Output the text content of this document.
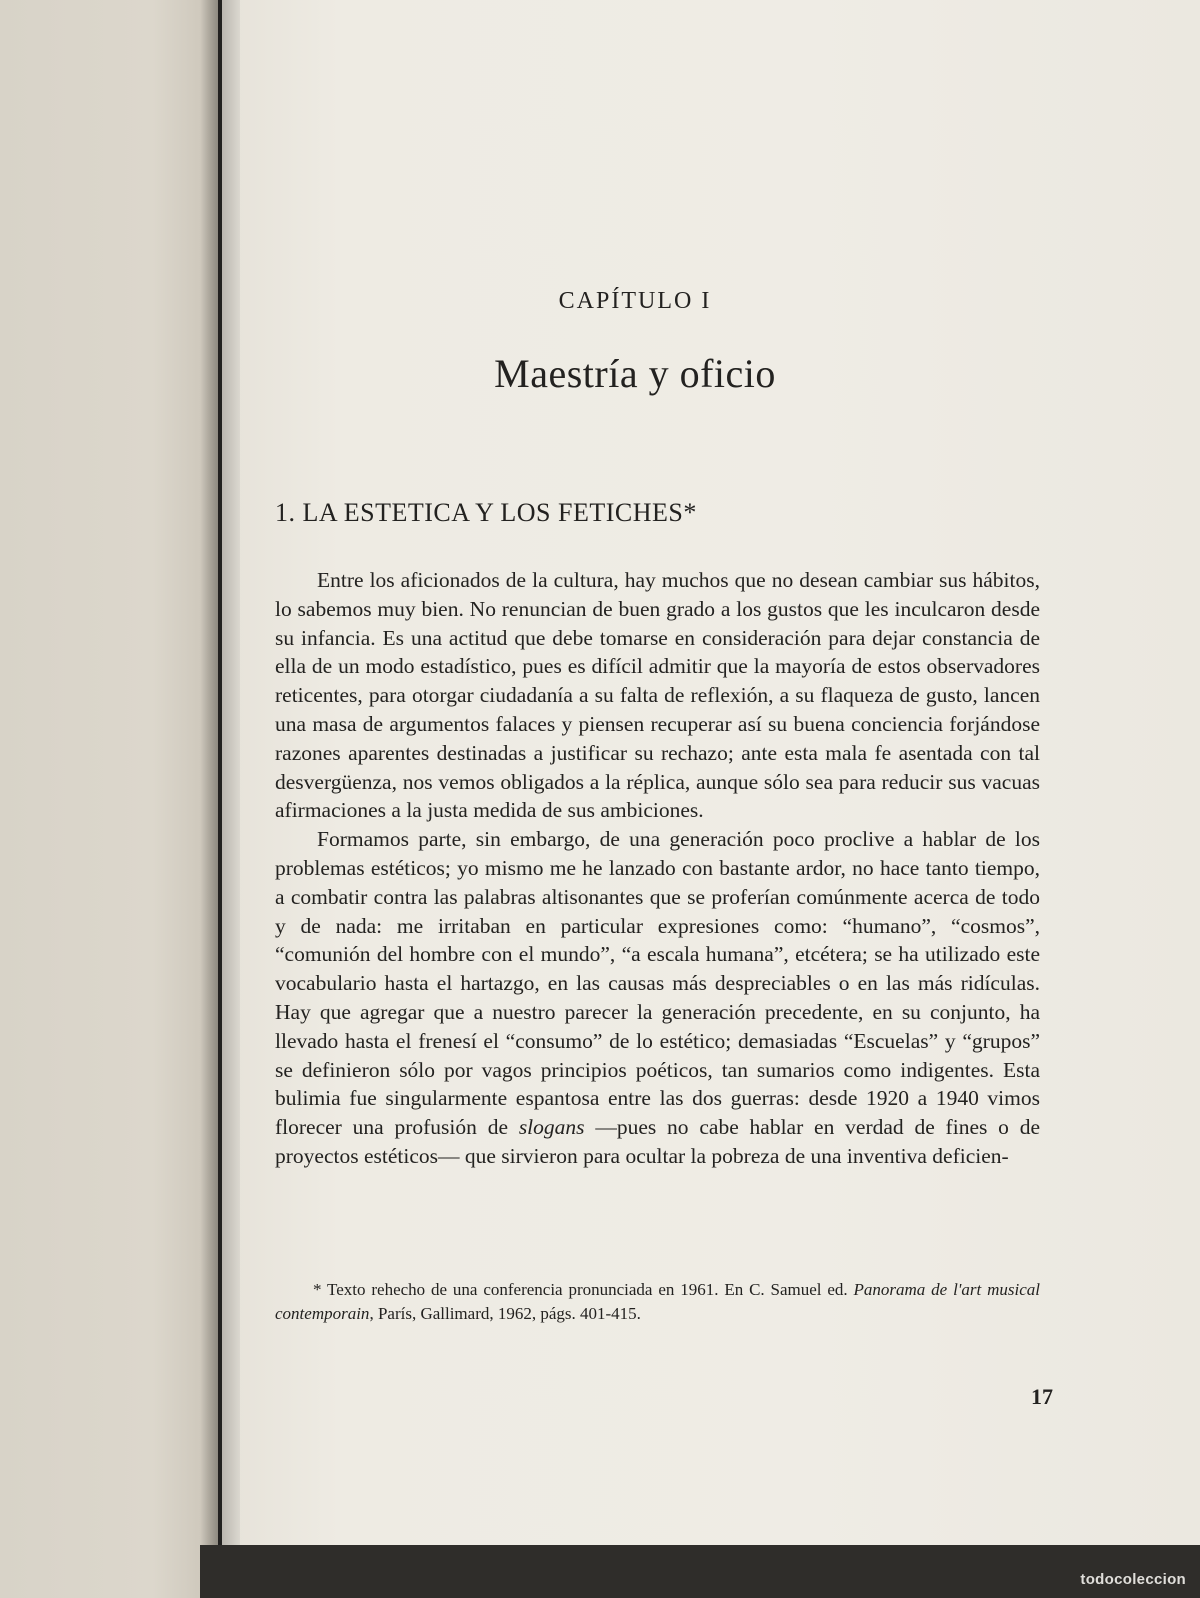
CAPÍTULO I
Maestría y oficio
1. LA ESTETICA Y LOS FETICHES*

Entre los aficionados de la cultura, hay muchos que no desean cambiar sus hábitos, lo sabemos muy bien. No renuncian de buen grado a los gustos que les inculcaron desde su infancia. Es una actitud que debe tomarse en consideración para dejar constancia de ella de un modo estadístico, pues es difícil admitir que la mayoría de estos observadores reticentes, para otorgar ciudadanía a su falta de reflexión, a su flaqueza de gusto, lancen una masa de argumentos falaces y piensen recuperar así su buena conciencia forjándose razones aparentes destinadas a justificar su rechazo; ante esta mala fe asentada con tal desvergüenza, nos vemos obligados a la réplica, aunque sólo sea para reducir sus vacuas afirmaciones a la justa medida de sus ambiciones.

Formamos parte, sin embargo, de una generación poco proclive a hablar de los problemas estéticos; yo mismo me he lanzado con bastante ardor, no hace tanto tiempo, a combatir contra las palabras altisonantes que se proferían comúnmente acerca de todo y de nada: me irritaban en particular expresiones como: “humano”, “cosmos”, “comunión del hombre con el mundo”, “a escala humana”, etcétera; se ha utilizado este vocabulario hasta el hartazgo, en las causas más despreciables o en las más ridículas. Hay que agregar que a nuestro parecer la generación precedente, en su conjunto, ha llevado hasta el frenesí el “consumo” de lo estético; demasiadas “Escuelas” y “grupos” se definieron sólo por vagos principios poéticos, tan sumarios como indigentes. Esta bulimia fue singularmente espantosa entre las dos guerras: desde 1920 a 1940 vimos florecer una profusión de slogans —pues no cabe hablar en verdad de fines o de proyectos estéticos— que sirvieron para ocultar la pobreza de una inventiva deficien-

* Texto rehecho de una conferencia pronunciada en 1961. En C. Samuel ed. Panorama de l'art musical contemporain, París, Gallimard, 1962, págs. 401-415.
17
todocoleccion
